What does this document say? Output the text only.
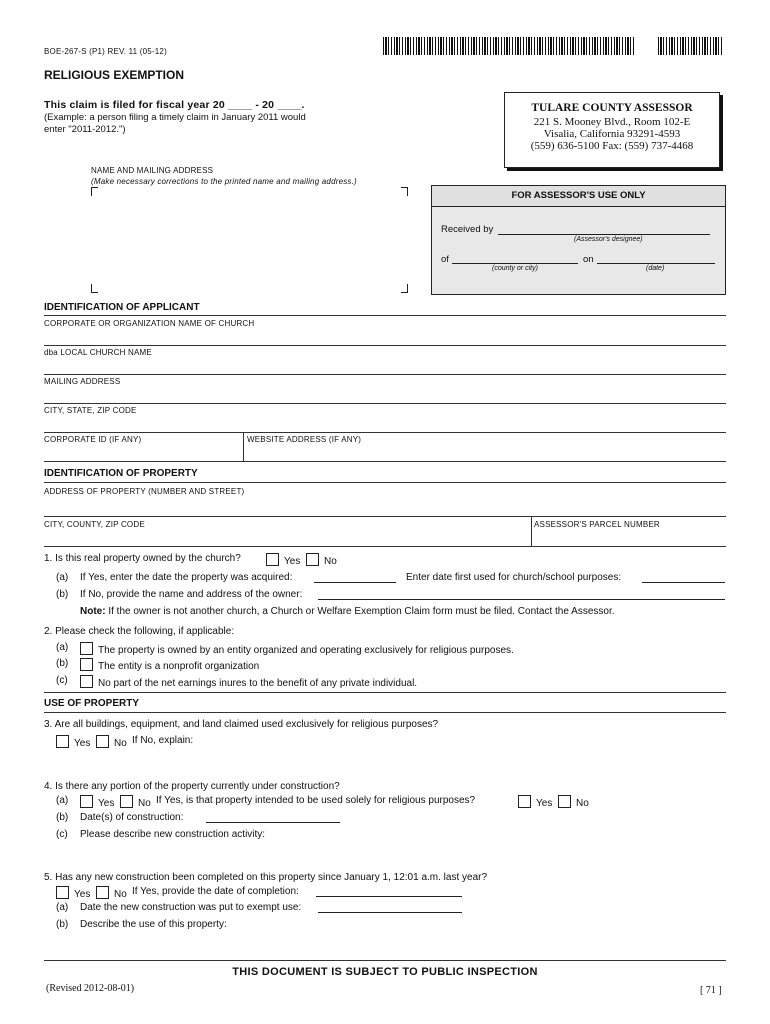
BOE-267-S (P1) REV. 11 (05-12)
RELIGIOUS EXEMPTION
This claim is filed for fiscal year 20 ____ - 20 ____.
(Example: a person filing a timely claim in January 2011 would
enter "2011-2012.")
TULARE COUNTY ASSESSOR
221 S. Mooney Blvd., Room 102-E
Visalia, California 93291-4593
(559) 636-5100 Fax: (559) 737-4468
NAME AND MAILING ADDRESS
(Make necessary corrections to the printed name and mailing address.)
FOR ASSESSOR'S USE ONLY
Received by
(Assessor's designee)
of
(county or city)
on
(date)
IDENTIFICATION OF APPLICANT
CORPORATE OR ORGANIZATION NAME OF CHURCH
dba LOCAL CHURCH NAME
MAILING ADDRESS
CITY, STATE, ZIP CODE
CORPORATE ID (IF ANY)	WEBSITE ADDRESS (IF ANY)
IDENTIFICATION OF PROPERTY
ADDRESS OF PROPERTY (NUMBER AND STREET)
CITY, COUNTY, ZIP CODE	ASSESSOR'S PARCEL NUMBER
1. Is this real property owned by the church?	Yes	No
(a) If Yes, enter the date the property was acquired:	Enter date first used for church/school purposes:
(b) If No, provide the name and address of the owner:
Note: If the owner is not another church, a Church or Welfare Exemption Claim form must be filed. Contact the Assessor.
2. Please check the following, if applicable:
(a)	The property is owned by an entity organized and operating exclusively for religious purposes.
(b)	The entity is a nonprofit organization
(c)	No part of the net earnings inures to the benefit of any private individual.
USE OF PROPERTY
3. Are all buildings, equipment, and land claimed used exclusively for religious purposes?
Yes	No If No, explain:
4. Is there any portion of the property currently under construction?
(a)	Yes	No If Yes, is that property intended to be used solely for religious purposes?	Yes	No
(b) Date(s) of construction:
(c) Please describe new construction activity:
5. Has any new construction been completed on this property since January 1, 12:01 a.m. last year?
Yes	No If Yes, provide the date of completion:
(a) Date the new construction was put to exempt use:
(b) Describe the use of this property:
THIS DOCUMENT IS SUBJECT TO PUBLIC INSPECTION
(Revised 2012-08-01)	[ 71 ]
